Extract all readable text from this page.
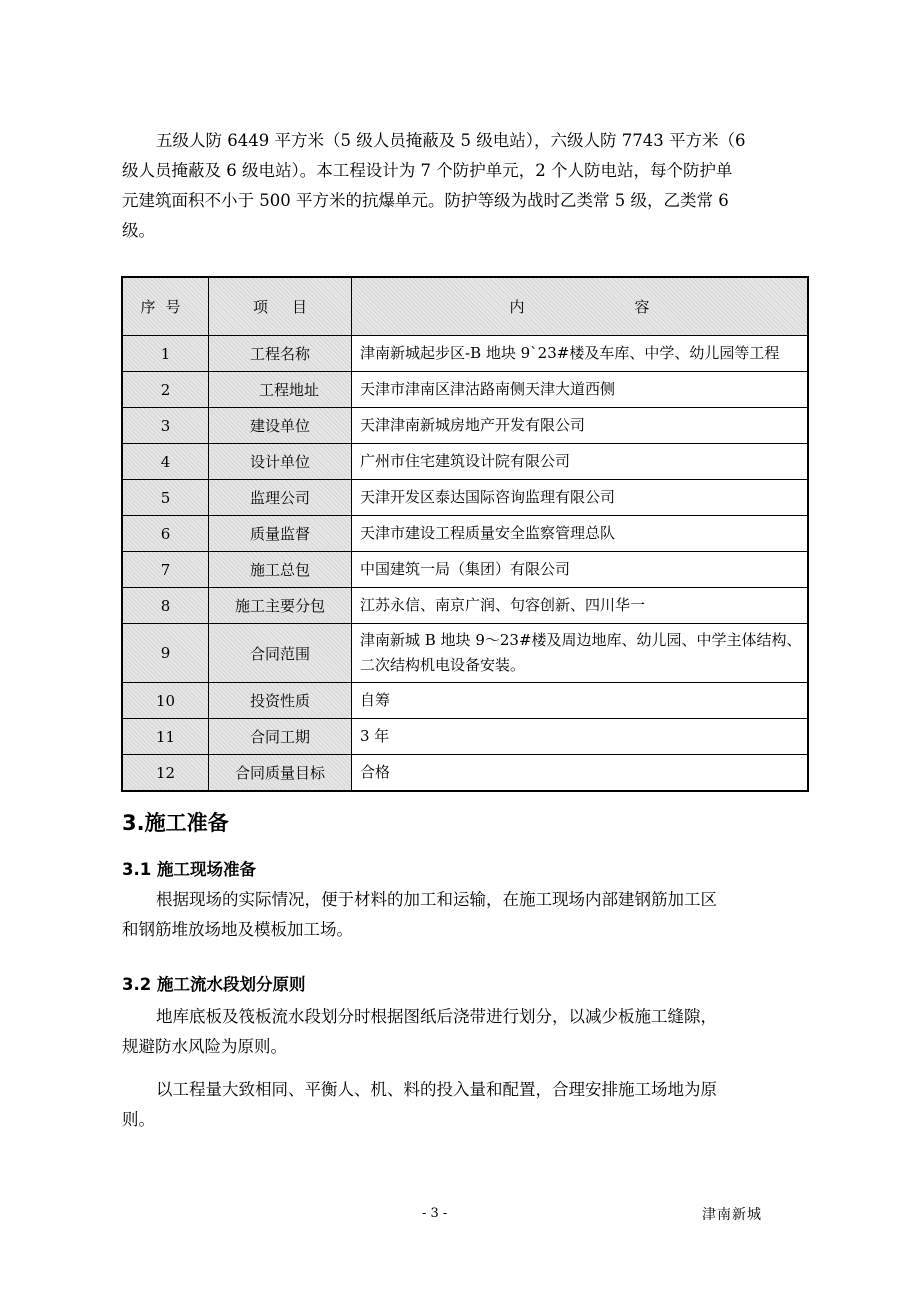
五级人防 6449 平方米（5 级人员掩蔽及 5 级电站），六级人防 7743 平方米（6
级人员掩蔽及 6 级电站）。本工程设计为 7 个防护单元，2 个人防电站，每个防护单
元建筑面积不小于 500 平方米的抗爆单元。防护等级为战时乙类常 5 级，乙类常 6
级。
序号	项 目	内 容
1	工程名称	津南新城起步区-B 地块 9`23#楼及车库、中学、幼儿园等工程

2	工程地址	天津市津南区津沽路南侧天津大道西侧

3	建设单位	天津津南新城房地产开发有限公司

4	设计单位	广州市住宅建筑设计院有限公司

5	监理公司	天津开发区泰达国际咨询监理有限公司

6	质量监督	天津市建设工程质量安全监察管理总队

7	施工总包	中国建筑一局（集团）有限公司

8	施工主要分包	江苏永信、南京广润、句容创新、四川华一

9	合同范围	津南新城 B 地块 9～23#楼及周边地库、幼儿园、中学主体结构、
二次结构机电设备安装。

10	投资性质	自筹

11	合同工期	3 年

12	合同质量目标	合格
3.施工准备
3.1 施工现场准备
根据现场的实际情况，便于材料的加工和运输，在施工现场内部建钢筋加工区
和钢筋堆放场地及模板加工场。
3.2 施工流水段划分原则
地库底板及筏板流水段划分时根据图纸后浇带进行划分，以减少板施工缝隙，
规避防水风险为原则。
以工程量大致相同、平衡人、机、料的投入量和配置，合理安排施工场地为原
则。
- 3 -	津南新城
